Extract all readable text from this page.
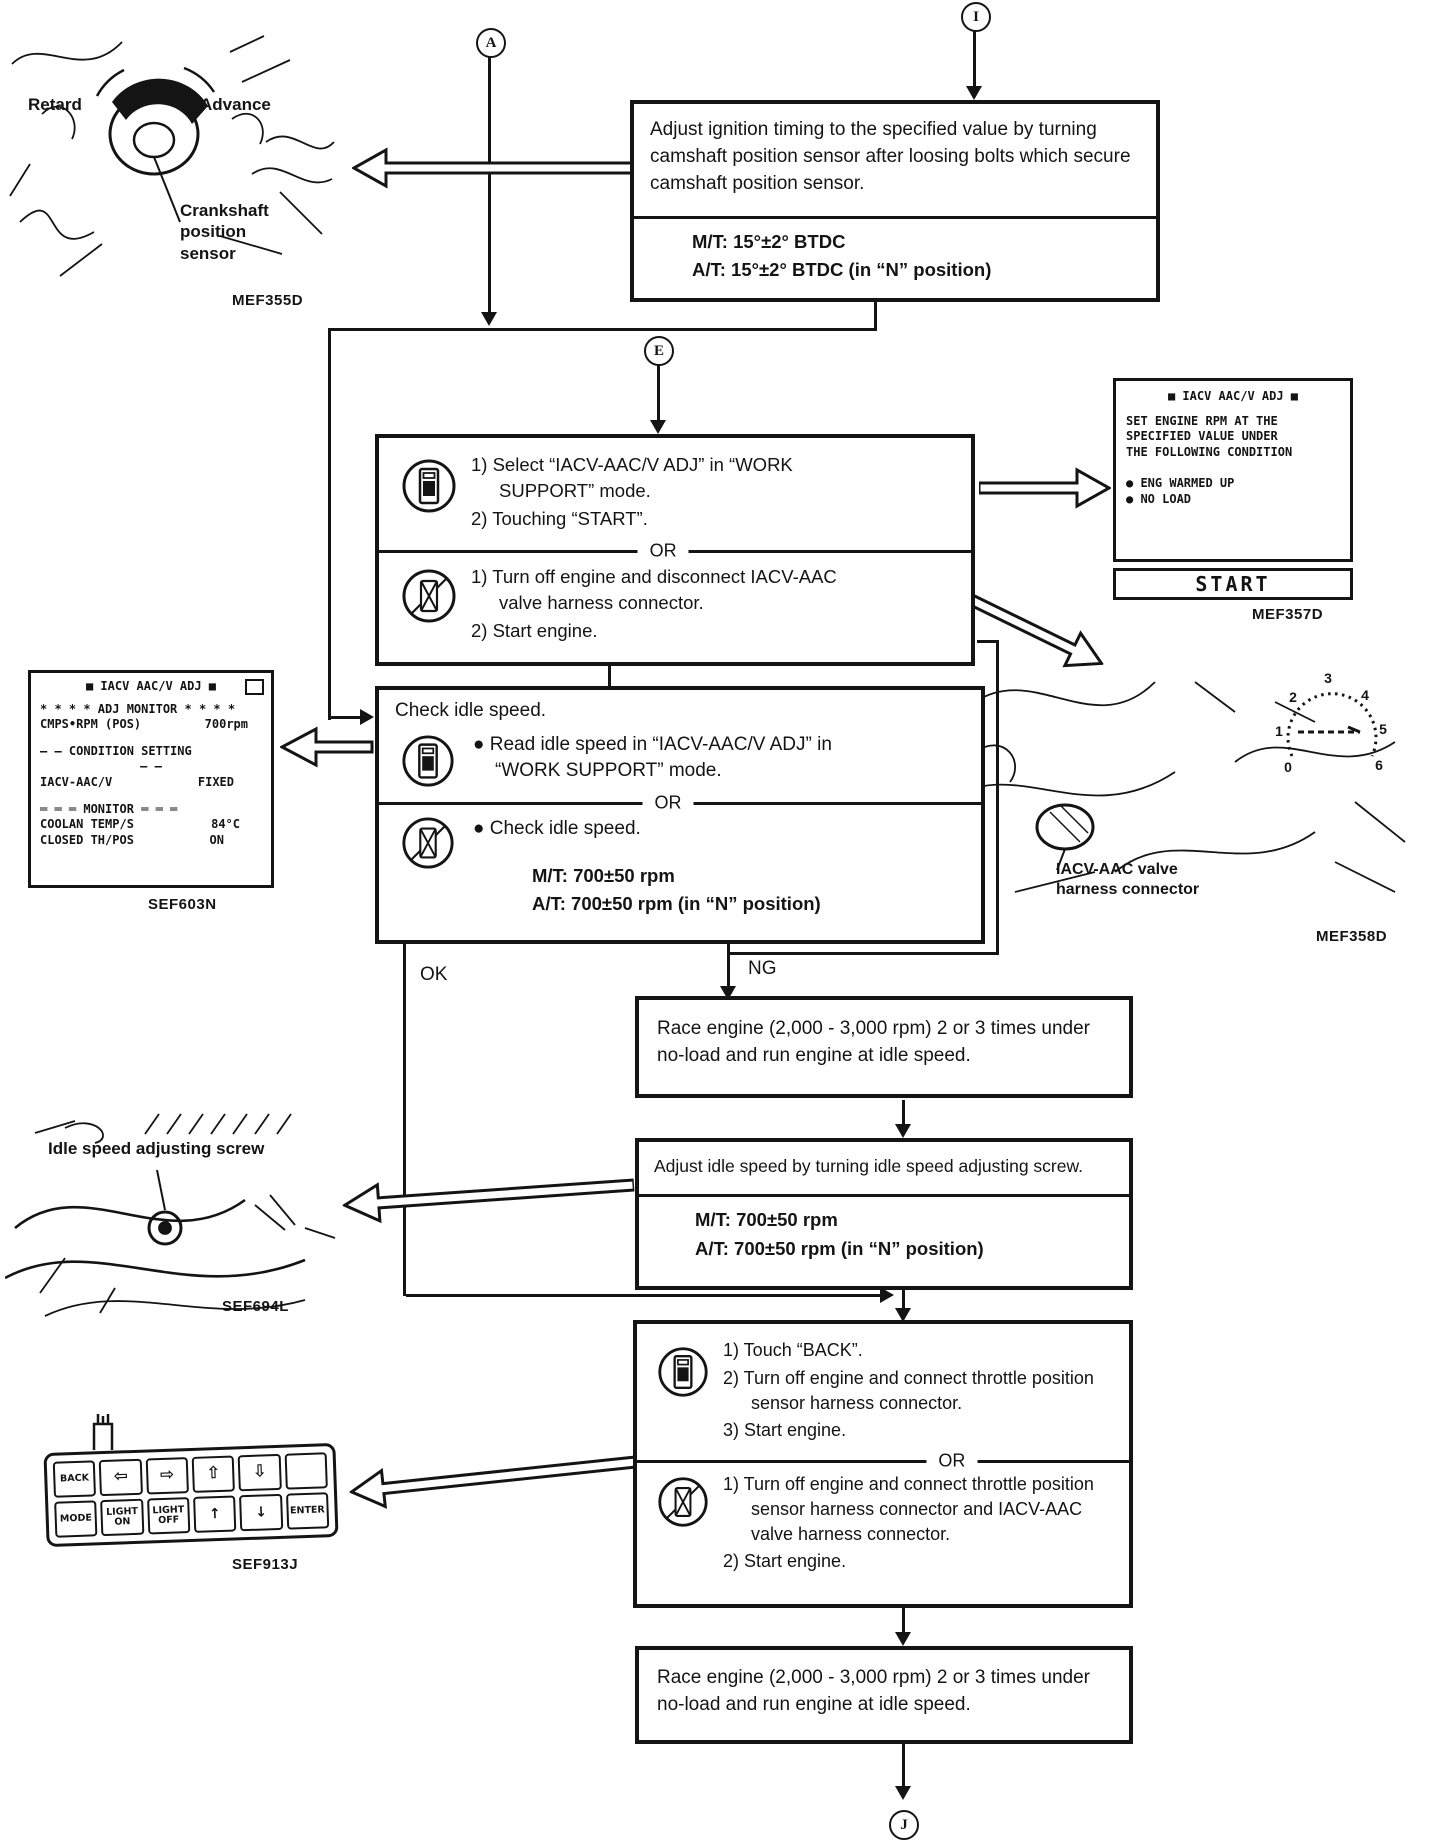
I
A
E
NG
OK
J
Adjust ignition timing to the specified value by turning camshaft position sensor after loosing bolts which secure camshaft position sensor.
M/T: 15°±2° BTDC
A/T: 15°±2° BTDC (in “N” position)
1) Select “IACV-AAC/V ADJ” in “WORK SUPPORT” mode.
2) Touching “START”.
OR
1) Turn off engine and disconnect IACV-AAC valve harness connector.
2) Start engine.
Check idle speed.
● Read idle speed in “IACV-AAC/V ADJ” in “WORK SUPPORT” mode.
OR
● Check idle speed.
M/T: 700±50 rpm
A/T: 700±50 rpm (in “N” position)
Race engine (2,000 - 3,000 rpm) 2 or 3 times under no-load and run engine at idle speed.
Adjust idle speed by turning idle speed adjusting screw.
M/T: 700±50 rpm
A/T: 700±50 rpm (in “N” position)
1) Touch “BACK”.
2) Turn off engine and connect throttle position sensor harness connector.
3) Start engine.
OR
1) Turn off engine and connect throttle position sensor harness connector and IACV-AAC valve harness connector.
2) Start engine.
Race engine (2,000 - 3,000 rpm) 2 or 3 times under no-load and run engine at idle speed.
■ IACV AAC/V ADJ ■
* * * * ADJ MONITOR * * * *
CMPS•RPM (POS)	700rpm
— — CONDITION SETTING
— —
IACV-AAC/V	FIXED
═ ═ ═ MONITOR ═ ═ ═
COOLAN TEMP/S	84°C
CLOSED TH/POS	ON
SEF603N
■ IACV AAC/V ADJ ■
SET ENGINE RPM AT THE
SPECIFIED VALUE UNDER
THE FOLLOWING CONDITION
● ENG WARMED UP
● NO LOAD
START
MEF357D
Retard	Advance
Crankshaft
position
sensor
MEF355D
0
1
2
3
4
5
6
IACV-AAC valve
harness connector
MEF358D
Idle speed adjusting screw
SEF694L
BACK	⇦	⇨	⇧	⇩
MODE
LIGHT ON
LIGHT OFF	↑	↓	ENTER
SEF913J
